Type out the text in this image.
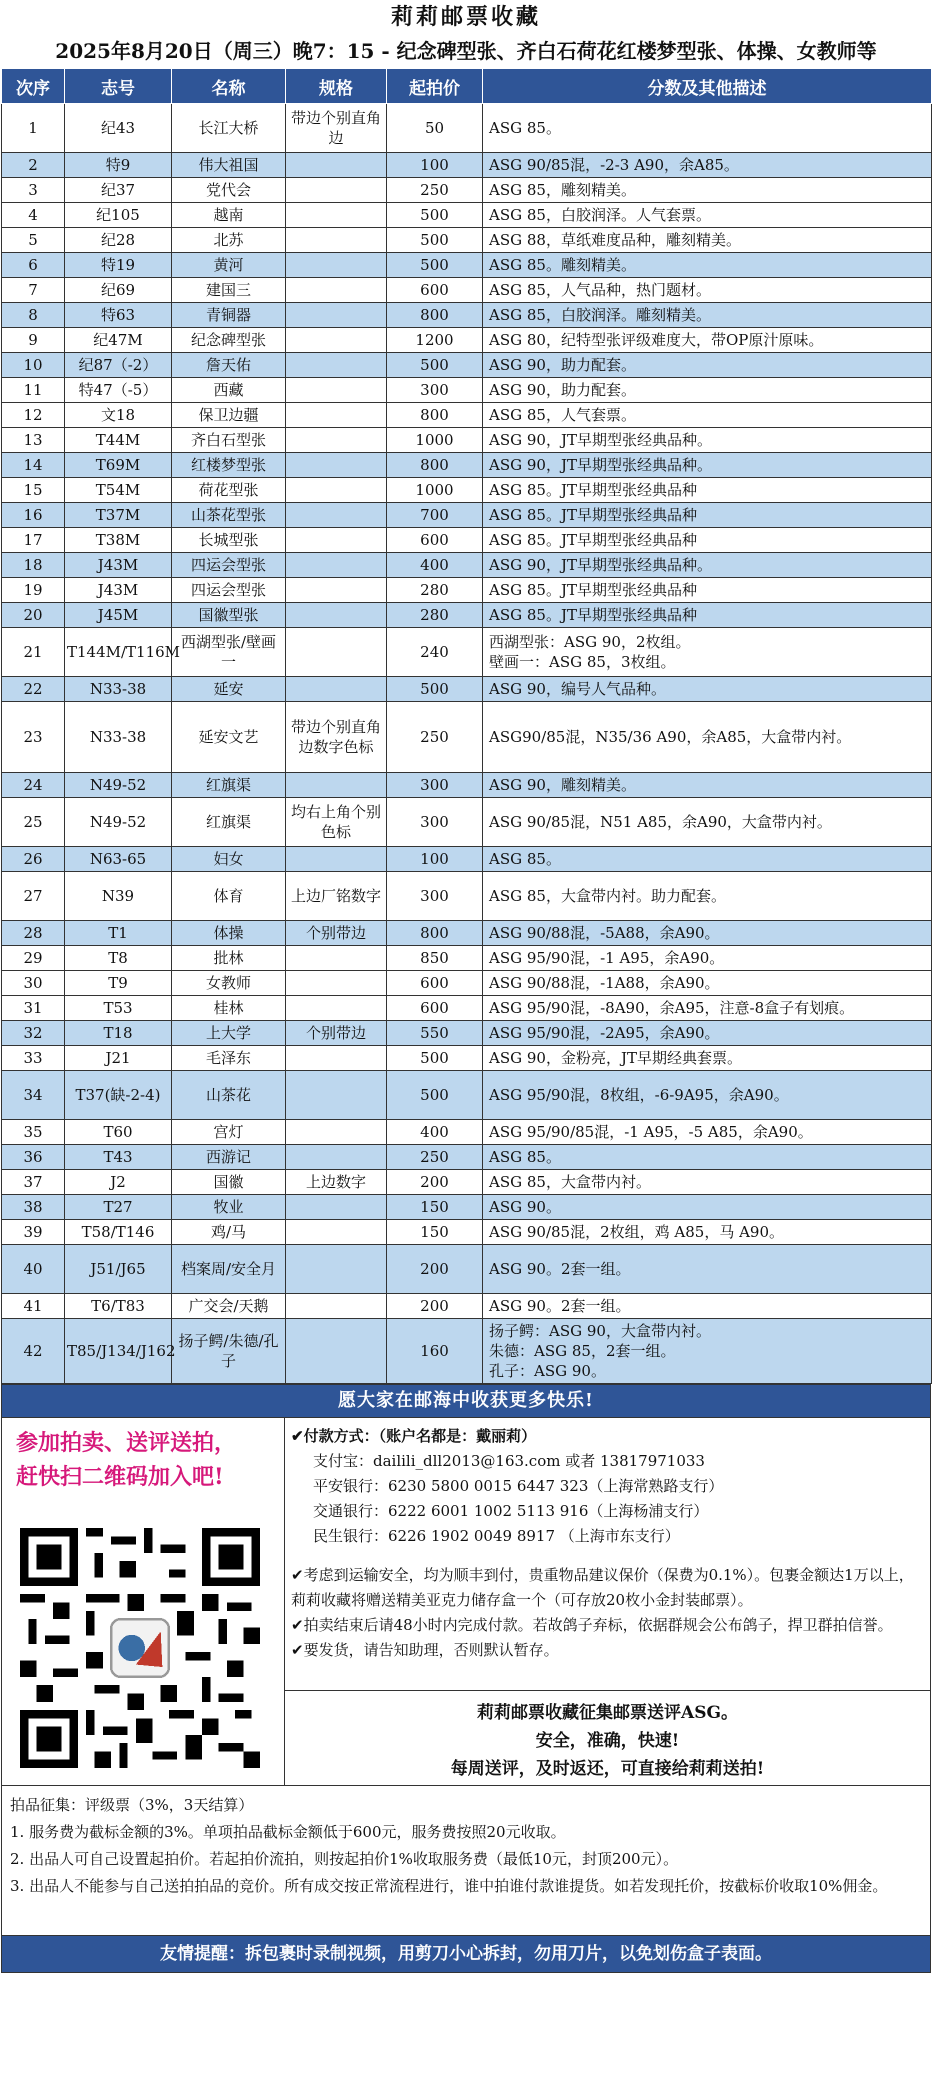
莉莉邮票收藏
2025年8月20日（周三）晚7：15 - 纪念碑型张、齐白石荷花红楼梦型张、体操、女教师等
次序	志号	名称	规格	起拍价	分数及其他描述
1	纪43	长江大桥	带边个别直角边	50	ASG 85。
2	特9	伟大祖国		100	ASG 90/85混，-2-3 A90，余A85。
3	纪37	党代会		250	ASG 85，雕刻精美。
4	纪105	越南		500	ASG 85，白胶润泽。人气套票。
5	纪28	北苏		500	ASG 88，草纸难度品种，雕刻精美。
6	特19	黄河		500	ASG 85。雕刻精美。
7	纪69	建国三		600	ASG 85，人气品种，热门题材。
8	特63	青铜器		800	ASG 85，白胶润泽。雕刻精美。
9	纪47M	纪念碑型张		1200	ASG 80，纪特型张评级难度大，带OP原汁原味。
10	纪87（-2）	詹天佑		500	ASG 90，助力配套。
11	特47（-5）	西藏		300	ASG 90，助力配套。
12	文18	保卫边疆		800	ASG 85，人气套票。
13	T44M	齐白石型张		1000	ASG 90，JT早期型张经典品种。
14	T69M	红楼梦型张		800	ASG 90，JT早期型张经典品种。
15	T54M	荷花型张		1000	ASG 85。JT早期型张经典品种
16	T37M	山茶花型张		700	ASG 85。JT早期型张经典品种
17	T38M	长城型张		600	ASG 85。JT早期型张经典品种
18	J43M	四运会型张		400	ASG 90，JT早期型张经典品种。
19	J43M	四运会型张		280	ASG 85。JT早期型张经典品种
20	J45M	国徽型张		280	ASG 85。JT早期型张经典品种
21	T144M/T116M	西湖型张/壁画一		240	西湖型张：ASG 90，2枚组。
壁画一：ASG 85，3枚组。
22	N33-38	延安		500	ASG 90，编号人气品种。
23	N33-38	延安文艺	带边个别直角边数字色标	250	ASG90/85混，N35/36 A90，余A85，大盒带内衬。
24	N49-52	红旗渠		300	ASG 90，雕刻精美。
25	N49-52	红旗渠	均右上角个别色标	300	ASG 90/85混，N51 A85，余A90，大盒带内衬。
26	N63-65	妇女		100	ASG 85。
27	N39	体育	上边厂铭数字	300	ASG 85，大盒带内衬。助力配套。
28	T1	体操	个别带边	800	ASG 90/88混，-5A88，余A90。
29	T8	批林		850	ASG 95/90混，-1 A95，余A90。
30	T9	女教师		600	ASG 90/88混，-1A88，余A90。
31	T53	桂林		600	ASG 95/90混，-8A90，余A95，注意-8盒子有划痕。
32	T18	上大学	个别带边	550	ASG 95/90混，-2A95，余A90。
33	J21	毛泽东		500	ASG 90，金粉亮，JT早期经典套票。
34	T37(缺-2-4)	山茶花		500	ASG 95/90混，8枚组，-6-9A95，余A90。
35	T60	宫灯		400	ASG 95/90/85混，-1 A95，-5 A85，余A90。
36	T43	西游记		250	ASG 85。
37	J2	国徽	上边数字	200	ASG 85，大盒带内衬。
38	T27	牧业		150	ASG 90。
39	T58/T146	鸡/马		150	ASG 90/85混，2枚组，鸡 A85，马 A90。
40	J51/J65	档案周/安全月		200	ASG 90。2套一组。
41	T6/T83	广交会/天鹅		200	ASG 90。2套一组。
42	T85/J134/J162	扬子鳄/朱德/孔子		160	扬子鳄：ASG 90，大盒带内衬。
朱德：ASG 85，2套一组。
孔子：ASG 90。
愿大家在邮海中收获更多快乐!
参加拍卖、送评送拍，
赶快扫二维码加入吧!
✔付款方式：（账户名都是：戴丽莉）
支付宝：dailili_dll2013@163.com 或者 13817971033
平安银行：6230 5800 0015 6447 323（上海常熟路支行）
交通银行：6222 6001 1002 5113 916（上海杨浦支行）
民生银行：6226 1902 0049 8917 （上海市东支行）
✔考虑到运输安全，均为顺丰到付，贵重物品建议保价（保费为0.1%）。包裹金额达1万以上，莉莉收藏将赠送精美亚克力储存盒一个（可存放20枚小金封装邮票）。
✔拍卖结束后请48小时内完成付款。若故鸽子弃标，依据群规会公布鸽子，捍卫群拍信誉。
✔要发货，请告知助理，否则默认暂存。
莉莉邮票收藏征集邮票送评ASG。
安全，准确，快速!
每周送评，及时返还，可直接给莉莉送拍!
拍品征集：评级票（3%，3天结算）
1. 服务费为截标金额的3%。单项拍品截标金额低于600元，服务费按照20元收取。
2. 出品人可自己设置起拍价。若起拍价流拍，则按起拍价1%收取服务费（最低10元，封顶200元）。
3. 出品人不能参与自己送拍拍品的竞价。所有成交按正常流程进行，谁中拍谁付款谁提货。如若发现托价，按截标价收取10%佣金。
友情提醒：拆包裹时录制视频，用剪刀小心拆封，勿用刀片，以免划伤盒子表面。
